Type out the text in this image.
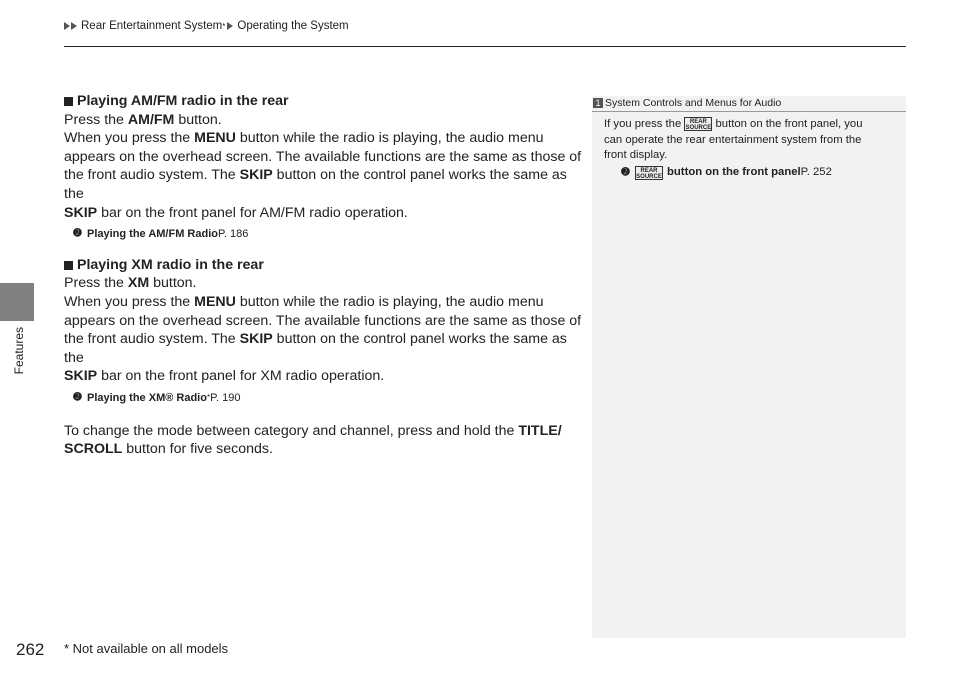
Rear Entertainment System * Operating the System
Features
Playing AM/FM radio in the rear

Press the AM/FM button.

When you press the MENU button while the radio is playing, the audio menu

appears on the overhead screen. The available functions are the same as those of

the front audio system. The SKIP button on the control panel works the same as the

SKIP bar on the front panel for AM/FM radio operation.

➋ Playing the AM/FM Radio P. 186
Playing XM radio in the rear

Press the XM button.

When you press the MENU button while the radio is playing, the audio menu

appears on the overhead screen. The available functions are the same as those of

the front audio system. The SKIP button on the control panel works the same as the

SKIP bar on the front panel for XM radio operation.

➋ Playing the XM® Radio * P. 190

To change the mode between category and channel, press and hold the TITLE/

SCROLL button for five seconds.

1 System Controls and Menus for Audio
If you press the REAR SOURCE button on the front panel, you
can operate the rear entertainment system from the
front display.
➋	REAR SOURCE button on the front panel P. 252
262 * Not available on all models
